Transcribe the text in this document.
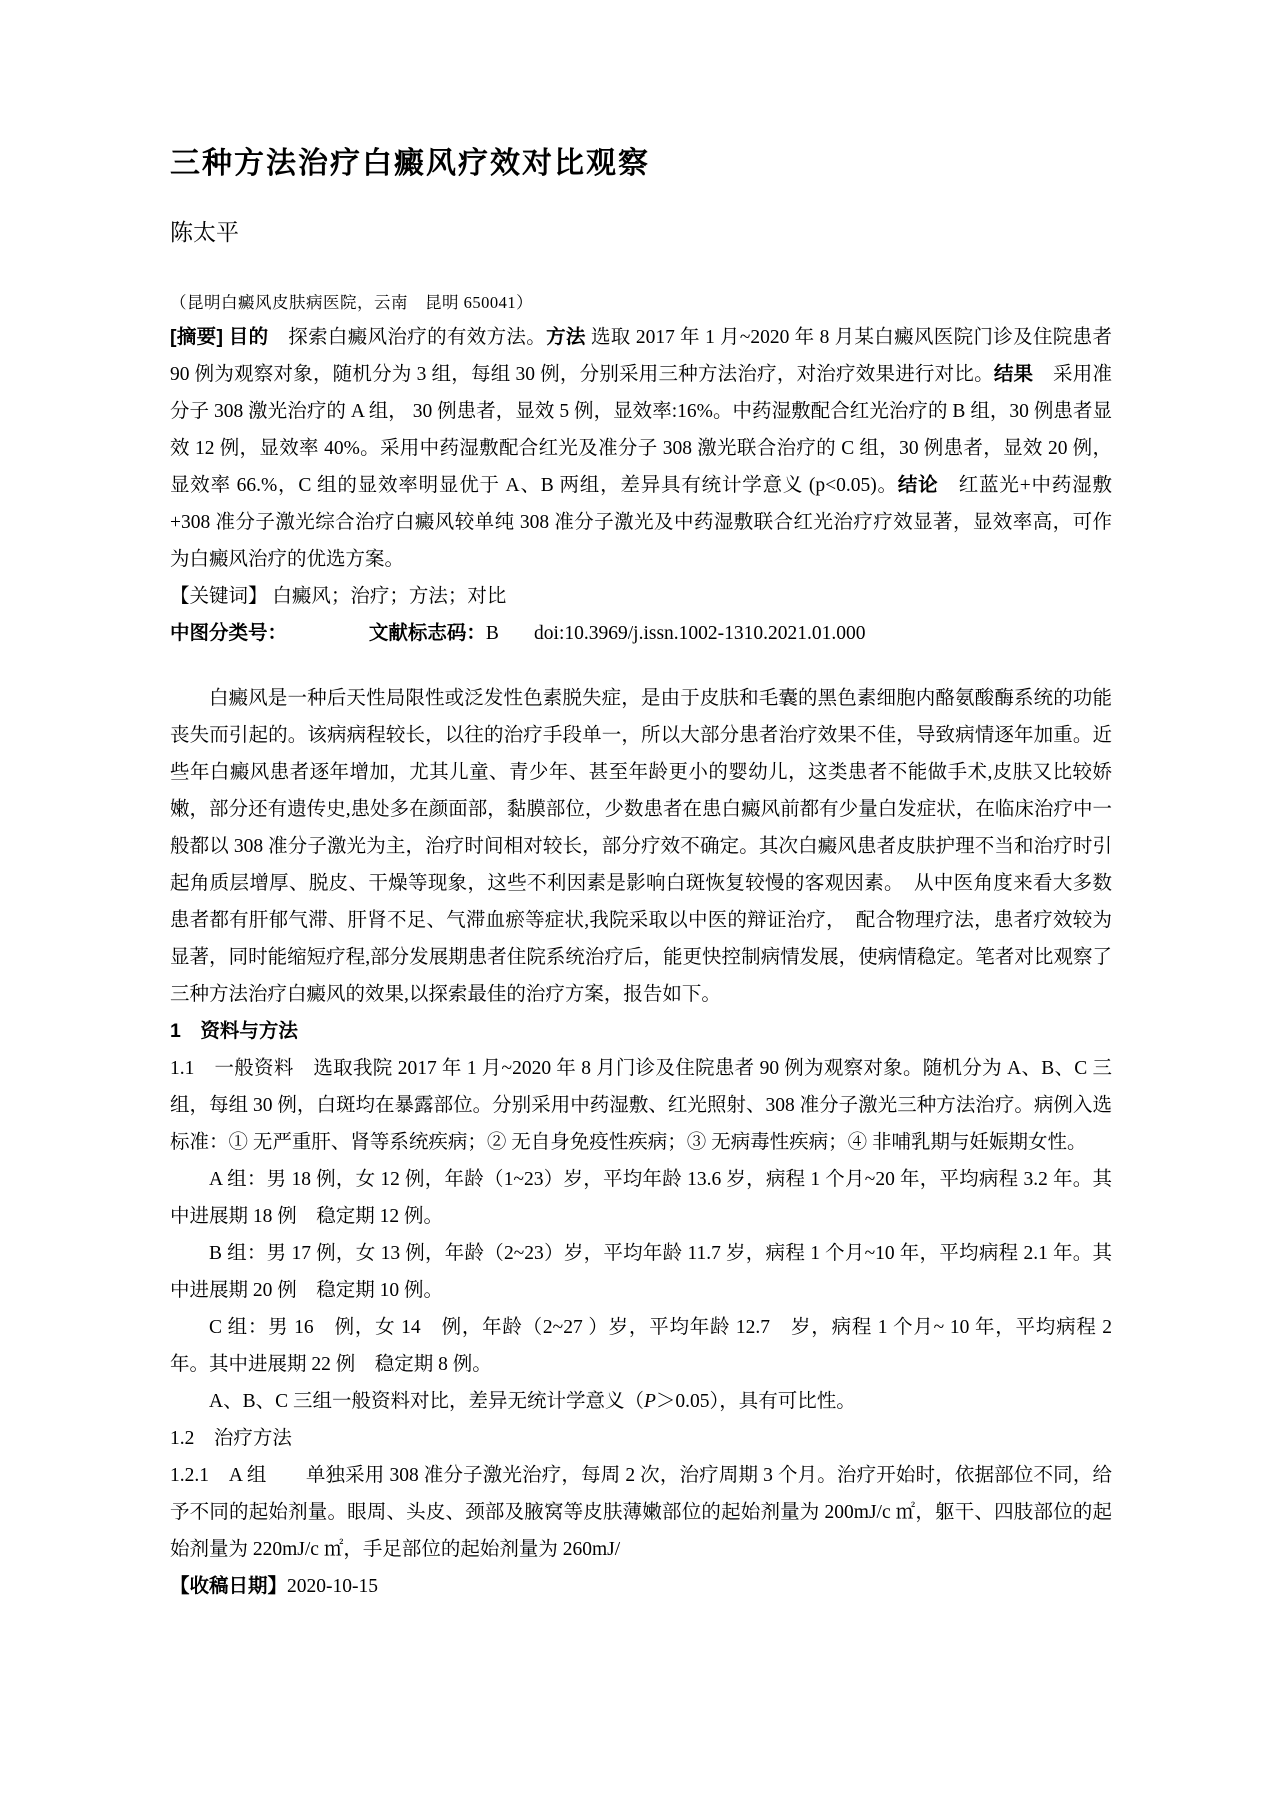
三种方法治疗白癜风疗效对比观察
陈太平
（昆明白癜风皮肤病医院，云南　昆明 650041）

[摘要] 目的　探索白癜风治疗的有效方法。方法 选取 2017 年 1 月~2020 年 8 月某白癜风医院门诊及住院患者 90 例为观察对象，随机分为 3 组，每组 30 例，分别采用三种方法治疗，对治疗效果进行对比。结果　采用准分子 308 激光治疗的 A 组， 30 例患者，显效 5 例，显效率:16%。中药湿敷配合红光治疗的 B 组，30 例患者显效 12 例，显效率 40%。采用中药湿敷配合红光及准分子 308 激光联合治疗的 C 组，30 例患者，显效 20 例，显效率 66.%，C 组的显效率明显优于 A、B 两组，差异具有统计学意义 (p<0.05)。结论　红蓝光+中药湿敷+308 准分子激光综合治疗白癜风较单纯 308 准分子激光及中药湿敷联合红光治疗疗效显著，显效率高，可作为白癜风治疗的优选方案。

【关键词】 白癜风；治疗；方法；对比

中图分类号：	文献标志码：B doi:10.3969/j.issn.1002-1310.2021.01.000

白癜风是一种后天性局限性或泛发性色素脱失症，是由于皮肤和毛囊的黑色素细胞内酪氨酸酶系统的功能丧失而引起的。该病病程较长，以往的治疗手段单一，所以大部分患者治疗效果不佳，导致病情逐年加重。近些年白癜风患者逐年增加，尤其儿童、青少年、甚至年龄更小的婴幼儿，这类患者不能做手术,皮肤又比较娇嫩，部分还有遗传史,患处多在颜面部，黏膜部位，少数患者在患白癜风前都有少量白发症状，在临床治疗中一般都以 308 准分子激光为主，治疗时间相对较长，部分疗效不确定。其次白癜风患者皮肤护理不当和治疗时引起角质层增厚、脱皮、干燥等现象，这些不利因素是影响白斑恢复较慢的客观因素。　从中医角度来看大多数患者都有肝郁气滞、肝肾不足、气滞血瘀等症状,我院采取以中医的辩证治疗，　配合物理疗法，患者疗效较为显著，同时能缩短疗程,部分发展期患者住院系统治疗后，能更快控制病情发展，使病情稳定。笔者对比观察了三种方法治疗白癜风的效果,以探索最佳的治疗方案，报告如下。

1　资料与方法

1.1　一般资料　选取我院 2017 年 1 月~2020 年 8 月门诊及住院患者 90 例为观察对象。随机分为 A、B、C 三组，每组 30 例，白斑均在暴露部位。分别采用中药湿敷、红光照射、308 准分子激光三种方法治疗。病例入选标准：① 无严重肝、肾等系统疾病；② 无自身免疫性疾病；③ 无病毒性疾病；④ 非哺乳期与妊娠期女性。

A 组：男 18 例，女 12 例，年龄（1~23）岁，平均年龄 13.6 岁，病程 1 个月~20 年，平均病程 3.2 年。其中进展期 18 例　稳定期 12 例。

B 组：男 17 例，女 13 例，年龄（2~23）岁，平均年龄 11.7 岁，病程 1 个月~10 年，平均病程 2.1 年。其中进展期 20 例　稳定期 10 例。

C 组：男 16　例，女 14　例，年龄（2~27 ）岁，平均年龄 12.7　岁，病程 1 个月~ 10 年，平均病程 2 年。其中进展期 22 例　稳定期 8 例。

A、B、C 三组一般资料对比，差异无统计学意义（P＞0.05），具有可比性。

1.2　治疗方法

1.2.1　A 组　　单独采用 308 准分子激光治疗，每周 2 次，治疗周期 3 个月。治疗开始时，依据部位不同，给予不同的起始剂量。眼周、头皮、颈部及腋窝等皮肤薄嫩部位的起始剂量为 200mJ/c ㎡，躯干、四肢部位的起始剂量为 220mJ/c ㎡，手足部位的起始剂量为 260mJ/

【收稿日期】2020-10-15
